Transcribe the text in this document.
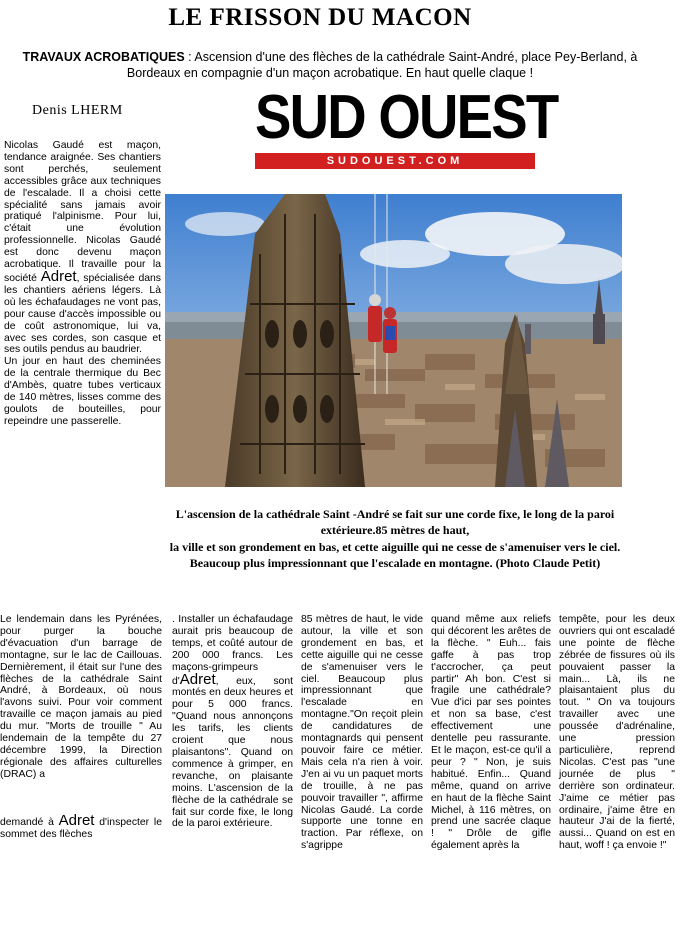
LE FRISSON DU MACON
TRAVAUX ACROBATIQUES : Ascension d'une des flèches de la cathédrale Saint-André, place Pey-Berland, à Bordeaux en compagnie d'un maçon acrobatique. En haut quelle claque !
Denis LHERM SUD OUEST
SUDOUEST.COM
Nicolas Gaudé est maçon, tendance araignée. Ses chantiers sont perchés, seulement accessibles grâce aux techniques de l'escalade. Il a choisi cette spécialité sans jamais avoir pratiqué l'alpinisme. Pour lui, c'était une évolution professionnelle. Nicolas Gaudé est donc devenu maçon acrobatique. Il travaille pour la société Adret, spécialisée dans les chantiers aériens légers. Là où les échafaudages ne vont pas, pour cause d'accès impossible ou de coût astronomique, lui va, avec ses cordes, son casque et ses outils pendus au baudrier.
Un jour en haut des cheminées de la centrale thermique du Bec d'Ambès, quatre tubes verticaux de 140 mètres, lisses comme des goulots de bouteilles, pour repeindre une passerelle.
L'ascension de la cathédrale Saint -André se fait sur une corde fixe, le long de la paroi extérieure.85 mètres de haut,
la ville et son grondement en bas, et cette aiguille qui ne cesse de s'amenuiser vers le ciel.
Beaucoup plus impressionnant que l'escalade en montagne. (Photo Claude Petit)

Le lendemain dans les Pyrénées, pour purger la bouche d'évacuation d'un barrage de montagne, sur le lac de Caillouas. Dernièrement, il était sur l'une des flèches de la cathédrale Saint André, à Bordeaux, où nous l'avons suivi. Pour voir comment travaille ce maçon jamais au pied du mur. "Morts de trouille " Au lendemain de la tempête du 27 décembre 1999, la Direction régionale des affaires culturelles (DRAC) a

demandé à Adret d'inspecter le sommet des flèches

. Installer un échafaudage aurait pris beaucoup de temps, et coûté autour de 200 000 francs. Les maçons-grimpeurs d'Adret, eux, sont montés en deux heures et pour 5 000 francs. "Quand nous annonçons les tarifs, les clients croient que nous plaisantons". Quand on commence à grimper, en revanche, on plaisante moins. L'ascension de la flèche de la cathédrale se fait sur corde fixe, le long de la paroi extérieure.

85 mètres de haut, le vide autour, la ville et son grondement en bas, et cette aiguille qui ne cesse de s'amenuiser vers le ciel. Beaucoup plus impressionnant que l'escalade en montagne."On reçoit plein de candidatures de montagnards qui pensent pouvoir faire ce métier. Mais cela n'a rien à voir. J'en ai vu un paquet morts de trouille, à ne pas pouvoir travailler ", affirme Nicolas Gaudé. La corde supporte une tonne en traction. Par réflexe, on s'agrippe

quand même aux reliefs qui décorent les arêtes de la flèche. " Euh... fais gaffe à pas trop t'accrocher, ça peut partir" Ah bon. C'est si fragile une cathédrale? Vue d'ici par ses pointes et non sa base, c'est effectivement une dentelle peu rassurante. Et le maçon, est-ce qu'il a peur ? " Non, je suis habitué. Enfin... Quand même, quand on arrive en haut de la flèche Saint Michel, à 116 mètres, on prend une sacrée claque ! " Drôle de gifle également après la

tempête, pour les deux ouvriers qui ont escaladé une pointe de flèche zébrée de fissures où ils pouvaient passer la main... Là, ils ne plaisantaient plus du tout. " On va toujours travailler avec une poussée d'adrénaline, une pression particulière, reprend Nicolas. C'est pas "une journée de plus " derrière son ordinateur. J'aime ce métier pas ordinaire, j'aime être en hauteur J'ai de la fierté, aussi... Quand on est en haut, woff ! ça envoie !"
